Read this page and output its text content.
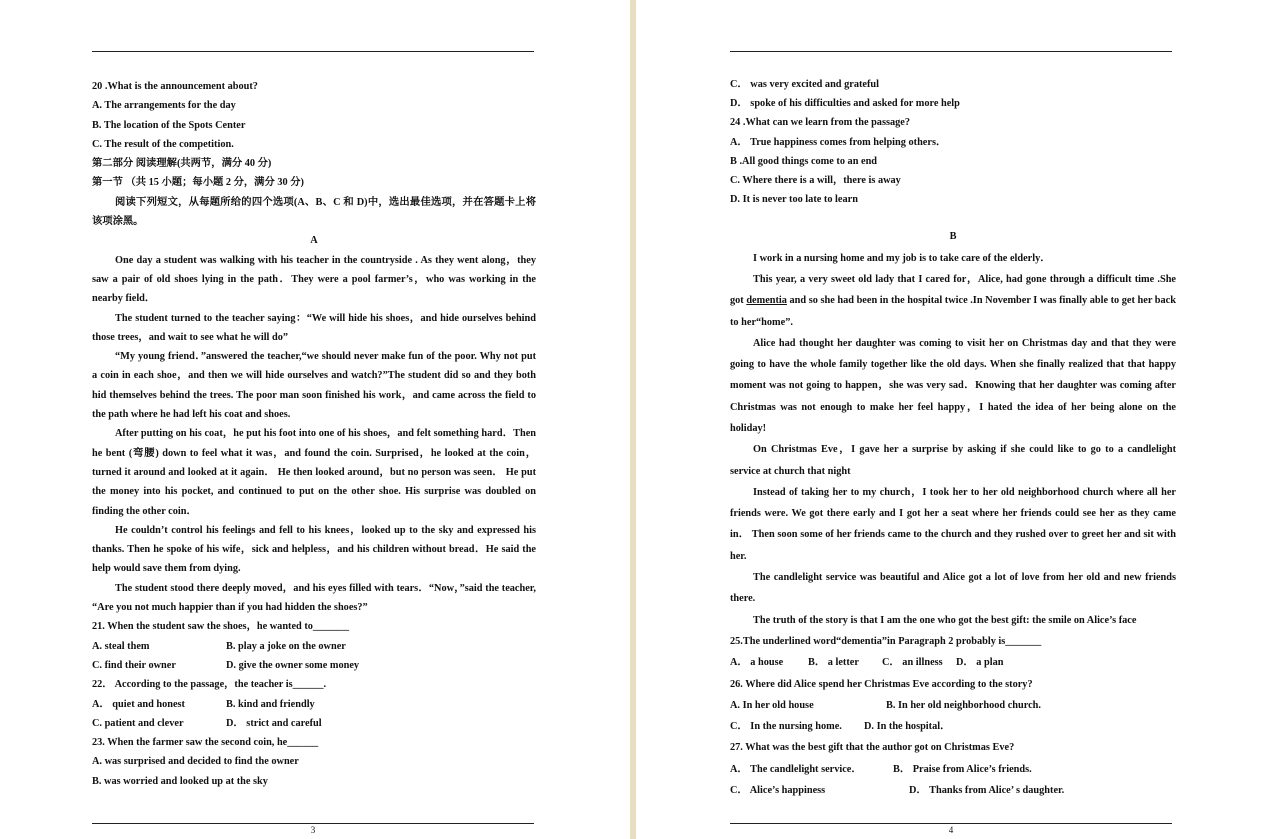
20 .What is the announcement about?
A. The arrangements for the day
B. The location of the Spots Center
C. The result of the competition.
第二部分 阅读理解(共两节，满分 40 分)
第一节 （共 15 小题；每小题 2 分，满分 30 分)
阅读下列短文，从每题所给的四个选项(A、B、C 和 D)中，选出最佳选项，并在答题卡上将该项涂黑。
A
One day a student was walking with his teacher in the countryside . As they went along，they saw a pair of old shoes lying in the path．They were a pool farmer’s，who was working in the nearby field．
The student turned to the teacher saying：“We will hide his shoes，and hide ourselves behind those trees，and wait to see what he will do”
“My young friend．”answered the teacher,“we should never make fun of the poor. Why not put a coin in each shoe，and then we will hide ourselves and watch?”The student did so and they both hid themselves behind the trees. The poor man soon finished his work，and came across the field to the path where he had left his coat and shoes.
After putting on his coat，he put his foot into one of his shoes，and felt something hard．Then he bent (弯腰) down to feel what it was，and found the coin. Surprised，he looked at the coin，turned it around and looked at it again． He then looked around，but no person was seen． He put the money into his pocket, and continued to put on the other shoe. His surprise was doubled on finding the other coin．
He couldn’t control his feelings and fell to his knees，looked up to the sky and expressed his thanks. Then he spoke of his wife，sick and helpless，and his children without bread．He said the help would save them from dying.
The student stood there deeply moved，and his eyes filled with tears．“Now，”said the teacher, “Are you not much happier than if you had hidden the shoes?”
21. When the student saw the shoes，he wanted to_______
A. steal them	B. play a joke on the owner
C. find their owner	D. give the owner some money
22． According to the passage，the teacher is______.
A． quiet and honest	B. kind and friendly
C. patient and clever	D． strict and careful
23. When the farmer saw the second coin, he______
A. was surprised and decided to find the owner
B. was worried and looked up at the sky
3
C． was very excited and grateful
D． spoke of his difficulties and asked for more help
24 .What can we learn from the passage?
A． True happiness comes from helping others．
B .All good things come to an end
C. Where there is a will，there is away
D. It is never too late to learn
B
I work in a nursing home and my job is to take care of the elderly．
This year, a very sweet old lady that I cared for，Alice, had gone through a difficult time .She got dementia and so she had been in the hospital twice .In November I was finally able to get her back to her“home”.
Alice had thought her daughter was coming to visit her on Christmas day and that they were going to have the whole family together like the old days. When she finally realized that that happy moment was not going to happen，she was very sad．Knowing that her daughter was coming after Christmas was not enough to make her feel happy，I hated the idea of her being alone on the holiday!
On Christmas Eve，I gave her a surprise by asking if she could like to go to a candlelight service at church that night
Instead of taking her to my church，I took her to her old neighborhood church where all her friends were. We got there early and I got her a seat where her friends could see her as they came in． Then soon some of her friends came to the church and they rushed over to greet her and sit with her.
The candlelight service was beautiful and Alice got a lot of love from her old and new friends there.
The truth of the story is that I am the one who got the best gift: the smile on Alice’s face
25.The underlined word“dementia”in Paragraph 2 probably is_______
A． a house B． a letter C． an illness D． a plan
26. Where did Alice spend her Christmas Eve according to the story?
A. In her old house	B. In her old neighborhood church.
C． In the nursing home. D. In the hospital．
27. What was the best gift that the author got on Christmas Eve?
A． The candlelight service．	B． Praise from Alice’s friends.
C． Alice’s happiness	D． Thanks from Alice’ s daughter.
4
